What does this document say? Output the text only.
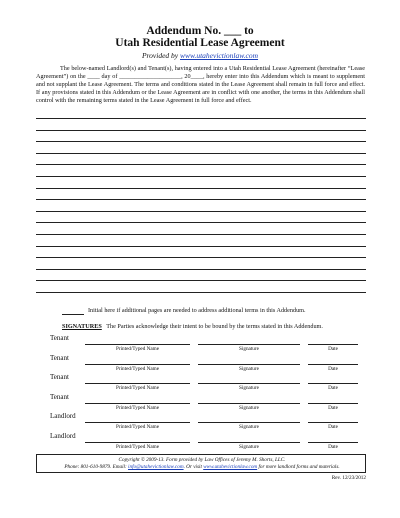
Addendum No. ___ to
Utah Residential Lease Agreement
Provided by www.utahevictionlaw.com
The below-named Landlord(s) and Tenant(s), having entered into a Utah Residential Lease Agreement (hereinafter “Lease Agreement”) on the ____ day of ____________________, 20____, hereby enter into this Addendum which is meant to supplement and not supplant the Lease Agreement. The terms and conditions stated in the Lease Agreement shall remain in full force and effect. If any provisions stated in this Addendum or the Lease Agreement are in conflict with one another, the terms in this Addendum shall control with the remaining terms stated in the Lease Agreement in full force and effect.
Initial here if additional pages are needed to address additional terms in this Addendum.
SIGNATURES The Parties acknowledge their intent to be bound by the terms stated in this Addendum.
Tenant
Printed/Typed Name	Signature	Date
Tenant
Printed/Typed Name	Signature	Date
Tenant
Printed/Typed Name	Signature	Date
Tenant
Printed/Typed Name	Signature	Date
Landlord
Printed/Typed Name	Signature	Date
Landlord
Printed/Typed Name	Signature	Date
Copyright © 2009-13. Form provided by Law Offices of Jeremy M. Shorts, LLC.
Phone: 801-610-9879. Email: info@utahevictionlaw.com. Or visit www.utahevictionlaw.com for more landlord forms and materials.
Rev. 12/23/2012
